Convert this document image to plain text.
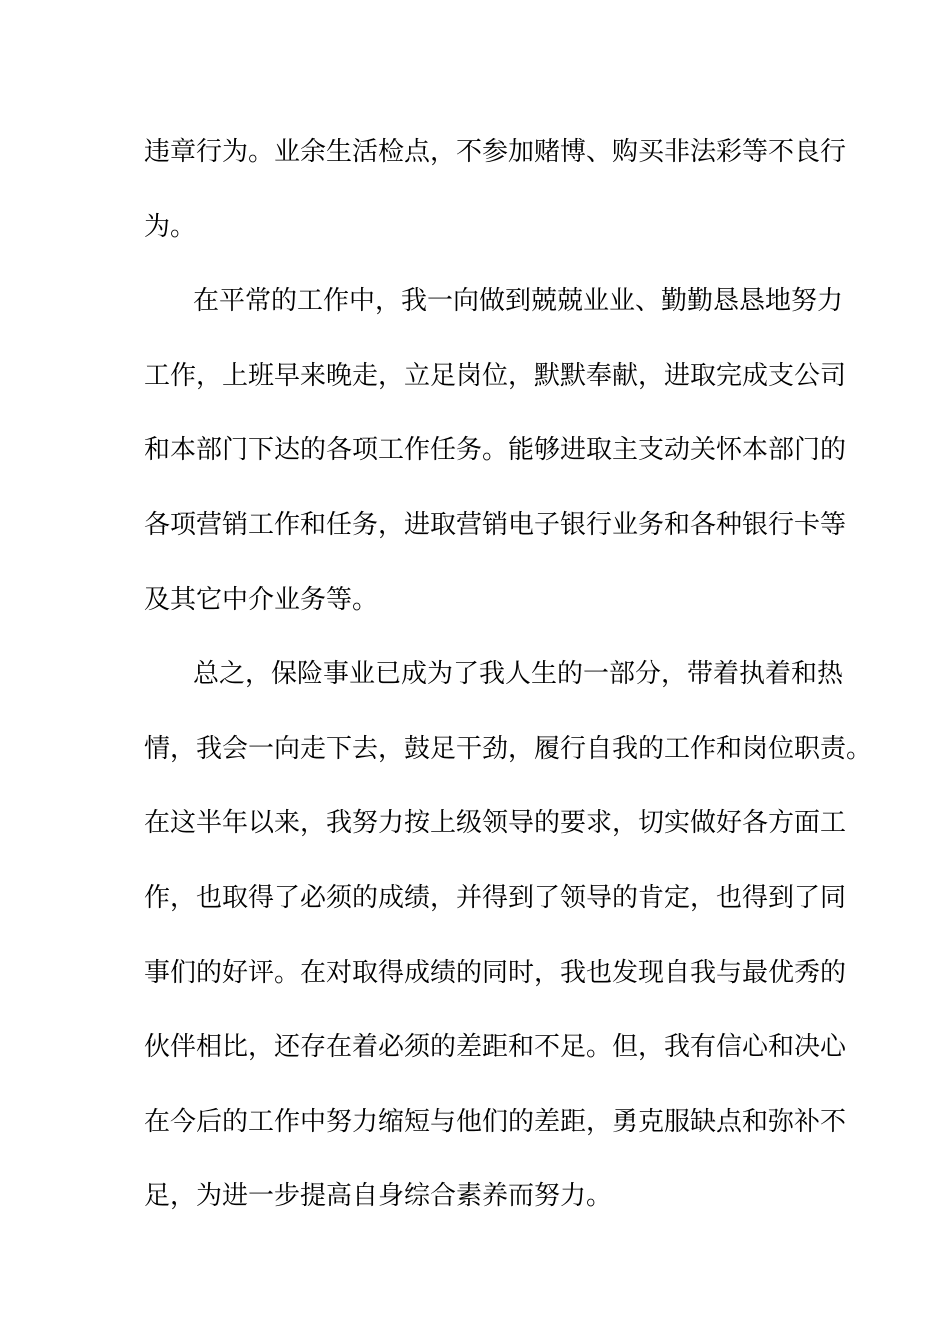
违章行为。业余生活检点，不参加赌博、购买非法彩等不良行
为。
在平常的工作中，我一向做到兢兢业业、勤勤恳恳地努力
工作，上班早来晚走，立足岗位，默默奉献，进取完成支公司
和本部门下达的各项工作任务。能够进取主支动关怀本部门的
各项营销工作和任务，进取营销电子银行业务和各种银行卡等
及其它中介业务等。
总之，保险事业已成为了我人生的一部分，带着执着和热
情，我会一向走下去，鼓足干劲，履行自我的工作和岗位职责。
在这半年以来，我努力按上级领导的要求，切实做好各方面工
作，也取得了必须的成绩，并得到了领导的肯定，也得到了同
事们的好评。在对取得成绩的同时，我也发现自我与最优秀的
伙伴相比，还存在着必须的差距和不足。但，我有信心和决心
在今后的工作中努力缩短与他们的差距，勇克服缺点和弥补不
足，为进一步提高自身综合素养而努力。
